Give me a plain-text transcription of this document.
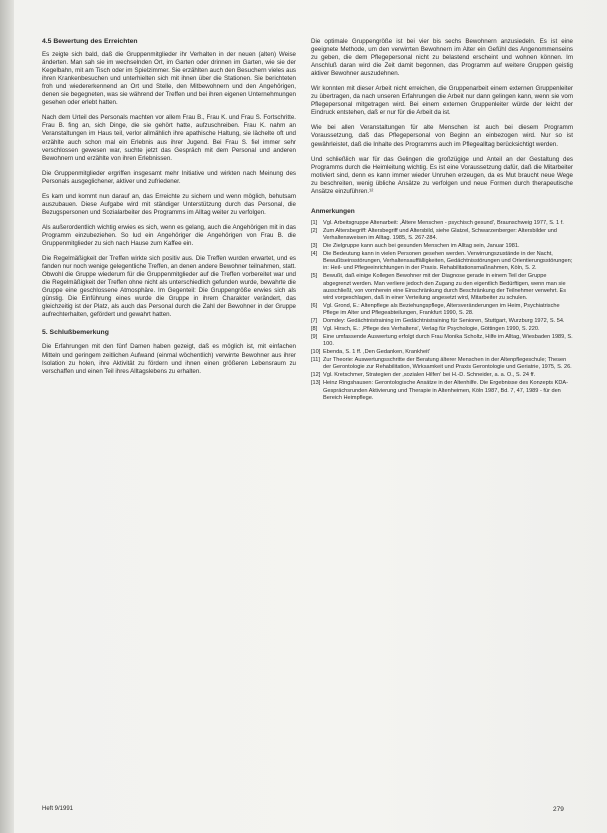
4.5 Bewertung des Erreichten

Es zeigte sich bald, daß die Gruppenmitglieder ihr Verhalten in der neuen (alten) Weise änderten. Man sah sie im wechselnden Ort, im Garten oder drinnen im Garten, wie sie der Kegelbahn, mit am Tisch oder im Spielzimmer. Sie erzählten auch den Besuchern vieles aus ihren Krankenbesuchen und unterhielten sich mit ihnen über die Stationen. Sie berichteten froh und wiedererkennend an Ort und Stelle, den Mitbewohnern und den Angehörigen, denen sie begegneten, was sie während der Treffen und bei ihren eigenen Unternehmungen gesehen oder erlebt hatten.

Nach dem Urteil des Personals machten vor allem Frau B., Frau K. und Frau S. Fortschritte. Frau B. fing an, sich Dinge, die sie gehört hatte, aufzuschreiben. Frau K. nahm an Veranstaltungen im Haus teil, verlor allmählich ihre apathische Haltung, sie lächelte oft und erzählte auch schon mal ein Erlebnis aus ihrer Jugend. Bei Frau S. fiel immer sehr verschlossen gewesen war, suchte jetzt das Gespräch mit dem Personal und anderen Bewohnern und erzählte von ihren Erlebnissen.

Die Gruppenmitglieder ergriffen insgesamt mehr Initiative und wirkten nach Meinung des Personals ausgeglichener, aktiver und zufriedener.

Es kam und kommt nun darauf an, das Erreichte zu sichern und wenn möglich, behutsam auszubauen. Diese Aufgabe wird mit ständiger Unterstützung durch das Personal, die Bezugspersonen und Sozialarbeiter des Programms im Alltag weiter zu verfolgen.

Als außerordentlich wichtig erwies es sich, wenn es gelang, auch die Angehörigen mit in das Programm einzubeziehen. So lud ein Angehöriger die Angehörigen von Frau B. die Gruppenmitglieder zu sich nach Hause zum Kaffee ein.

Die Regelmäßigkeit der Treffen wirkte sich positiv aus. Die Treffen wurden erwartet, und es fanden nur noch wenige gelegentliche Treffen, an denen andere Bewohner teilnahmen, statt. Obwohl die Gruppe wiederum für die Gruppenmitglieder auf die Treffen vorbereitet war und die Regelmäßigkeit der Treffen ohne nicht als unterschiedlich gefunden wurde, bewahrte die Gruppe eine geschlossene Atmosphäre. Im Gegenteil: Die Gruppengröße erwies sich als günstig. Die Einführung eines wurde die Gruppe in ihrem Charakter verändert, das gleichzeitig ist der Platz, als auch das Personal durch die Zahl der Bewohner in der Gruppe aufrechterhalten, gefördert und gewahrt hatten.

5. Schlußbemerkung

Die Erfahrungen mit den fünf Damen haben gezeigt, daß es möglich ist, mit einfachen Mitteln und geringem zeitlichen Aufwand (einmal wöchentlich) verwirrte Bewohner aus ihrer Isolation zu holen, ihre Aktivität zu fördern und ihnen einen größeren Lebensraum zu verschaffen und einen Teil ihres Alltagslebens zu erhalten.

Die optimale Gruppengröße ist bei vier bis sechs Bewohnern anzusiedeln. Es ist eine geeignete Methode, um den verwirrten Bewohnern im Alter ein Gefühl des Angenommenseins zu geben, die dem Pflegepersonal nicht zu belastend erscheint und wohnen können. Im Anschluß daran wird die Zeit damit begonnen, das Programm auf weitere Gruppen geistig aktiver Bewohner auszudehnen.

Wir konnten mit dieser Arbeit nicht erreichen, die Gruppenarbeit einem externen Gruppenleiter zu übertragen, da nach unseren Erfahrungen die Arbeit nur dann gelingen kann, wenn sie vom Pflegepersonal mitgetragen wird. Bei einem externen Gruppenleiter würde der leicht der Eindruck entstehen, daß er nur für die Arbeit da ist.

Wie bei allen Veranstaltungen für alte Menschen ist auch bei diesem Programm Voraussetzung, daß das Pflegepersonal von Beginn an einbezogen wird. Nur so ist gewährleistet, daß die Inhalte des Programms auch im Pflegealltag berücksichtigt werden.

Und schließlich war für das Gelingen die großzügige und Anteil an der Gestaltung des Programms durch die Heimleitung wichtig. Es ist eine Voraussetzung dafür, daß die Mitarbeiter motiviert sind, denn es kann immer wieder Unruhen erzeugen, da es Mut braucht neue Wege zu beschreiten, wenig übliche Ansätze zu verfolgen und neue Formen durch therapeutische Ansätze einzuführen.¹²

Anmerkungen
[1]	Vgl. Arbeitsgruppe Altenarbeit: ,Ältere Menschen - psychisch gesund', Braunschweig 1977, S. 1 f.
[2]	Zum Altersbegriff: Altersbegriff und Altersbild, siehe Glatzel, Schwarzenberger: Altersbilder und Verhaltensweisen im Alltag. 1985, S. 267-284.
[3]	Die Zielgruppe kann auch bei gesunden Menschen im Alltag sein, Januar 1981.
[4]	Die Bedeutung kann in vielen Personen gesehen werden. Verwirrungszustände in der Nacht, Bewußtseinsstörungen, Verhaltensauffälligkeiten, Gedächtnisstörungen und Orientierungsstörungen; in: Heil- und Pflegeeinrichtungen in der Praxis. Rehabilitationsmaßnahmen, Köln, S. 2.
[5]	Bewußt, daß einige Kollegen Bewohner mit der Diagnose gerade in einem Teil der Gruppe abgegrenzt werden. Man verliere jedoch den Zugang zu den eigentlich Bedürftigen, wenn man sie ausschließt, von vornherein eine Einschränkung durch Beschränkung der Teilnehmer verwehrt. Es wird vorgeschlagen, daß in einer Verteilung angesetzt wird, Mitarbeiter zu schulen.
[6]	Vgl. Grond, E.: Altenpflege als Beziehungspflege, Altersveränderungen im Heim, Psychiatrische Pflege im Alter und Pflegeabteilungen, Frankfurt 1990, S. 28.
[7]	Domdey: Gedächtnistraining im Gedächtnistraining für Senioren, Stuttgart, Wurzburg 1972, S. 54.
[8]	Vgl. Hirsch, E.: ,Pflege des Verhaltens', Verlag für Psychologie, Göttingen 1990, S. 220.
[9]	Eine umfassende Auswertung erfolgt durch Frau Monika Scholtz, Hilfe im Alltag, Wiesbaden 1989, S. 100.
[10] Ebenda, S. 1 ff. ,Den Gedanken, Krankheit'
[11] Zur Theorie: Auswertungsschritte der Beratung älterer Menschen in der Altenpflegeschule; Thesen der Gerontologie zur Rehabilitation, Wirksamkeit und Praxis Gerontologie und Geriatrie, 1975, S. 26.
[12] Vgl. Kretschmer, Strategien der ,sozialen Hilfen' bei H.-D. Schneider, a. a. O., S. 24 ff.
[13] Heinz Ringshausen: Gerontologische Ansätze in der Altenhilfe. Die Ergebnisse des Konzepts KDA-Gesprächsrunden Aktivierung und Therapie in Altenheimen, Köln 1987, Bd. 7, 47, 1989 - für den Bereich Heimpflege.
Heft 9/1991	279
